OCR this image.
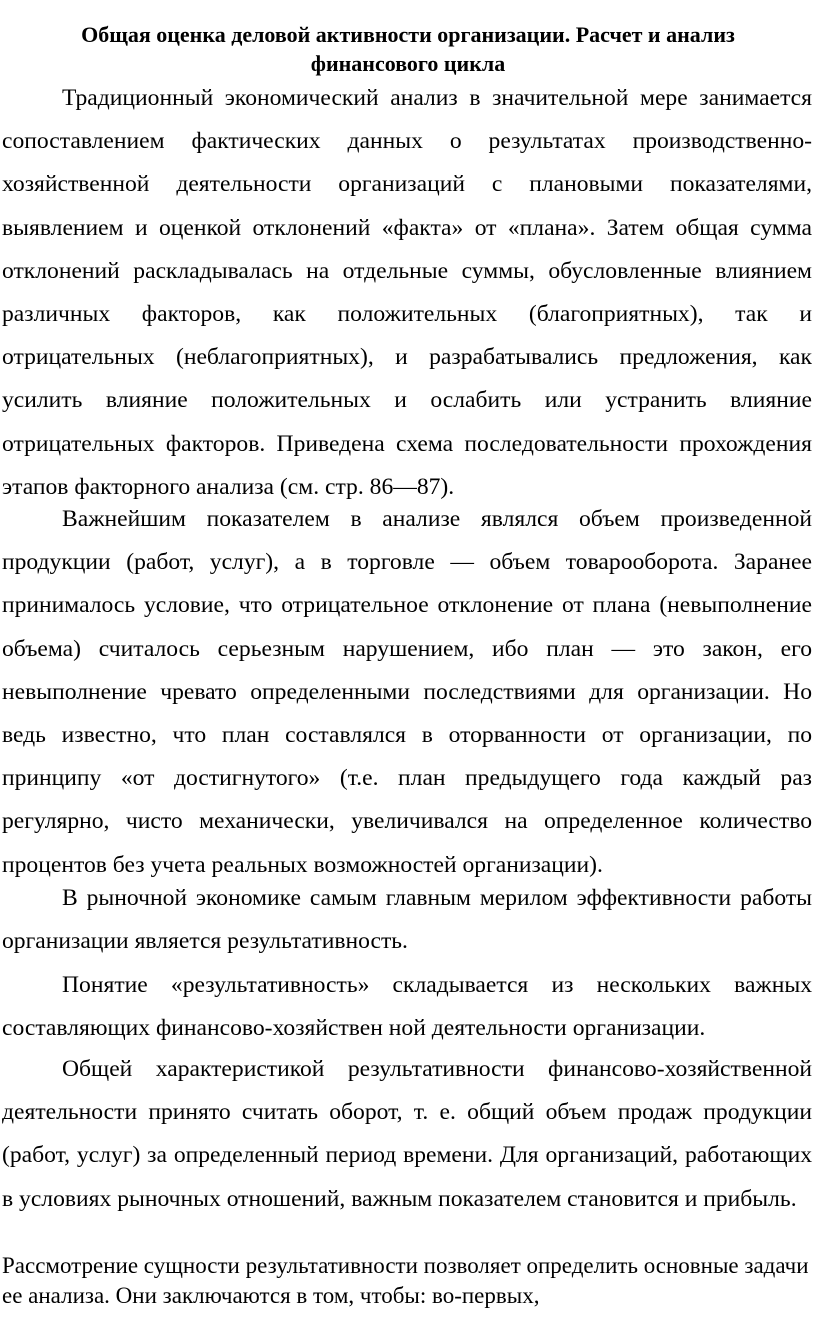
Общая оценка деловой активности организации. Расчет и анализ финансового цикла

Традиционный экономический анализ в значительной мере занимается сопоставлением фактических данных о результатах производственно-хозяйственной деятельности организаций с плановыми показателями, выявлением и оценкой отклонений «факта» от «плана». Затем общая сумма отклонений раскладывалась на отдельные суммы, обусловленные влиянием различных факторов, как положительных (благоприятных), так и отрицательных (неблагоприятных), и разрабатывались предложения, как усилить влияние положительных и ослабить или устранить влияние отрицательных факторов. Приведена схема последовательности прохождения этапов факторного анализа (см. стр. 86—87).

Важнейшим показателем в анализе являлся объем произведенной продукции (работ, услуг), а в торговле — объем товарооборота. Заранее принималось условие, что отрицательное отклонение от плана (невыполнение объема) считалось серьезным нарушением, ибо план — это закон, его невыполнение чревато определенными последствиями для организации. Но ведь известно, что план составлялся в оторванности от организации, по принципу «от достигнутого» (т.е. план предыдущего года каждый раз регулярно, чисто механически, увеличивался на определенное количество процентов без учета реальных возможностей организации).

В рыночной экономике самым главным мерилом эффективности работы организации является результативность.

Понятие «результативность» складывается из нескольких важных составляющих финансово-хозяйствен ной деятельности организации.

Общей характеристикой результативности финансово-хозяйственной деятельности принято считать оборот, т. е. общий объем продаж продукции (работ, услуг) за определенный период времени. Для организаций, работающих в условиях рыночных отношений, важным показателем становится и прибыль.

Рассмотрение сущности результативности позволяет определить основные задачи ее анализа. Они заключаются в том, чтобы: во-первых,
